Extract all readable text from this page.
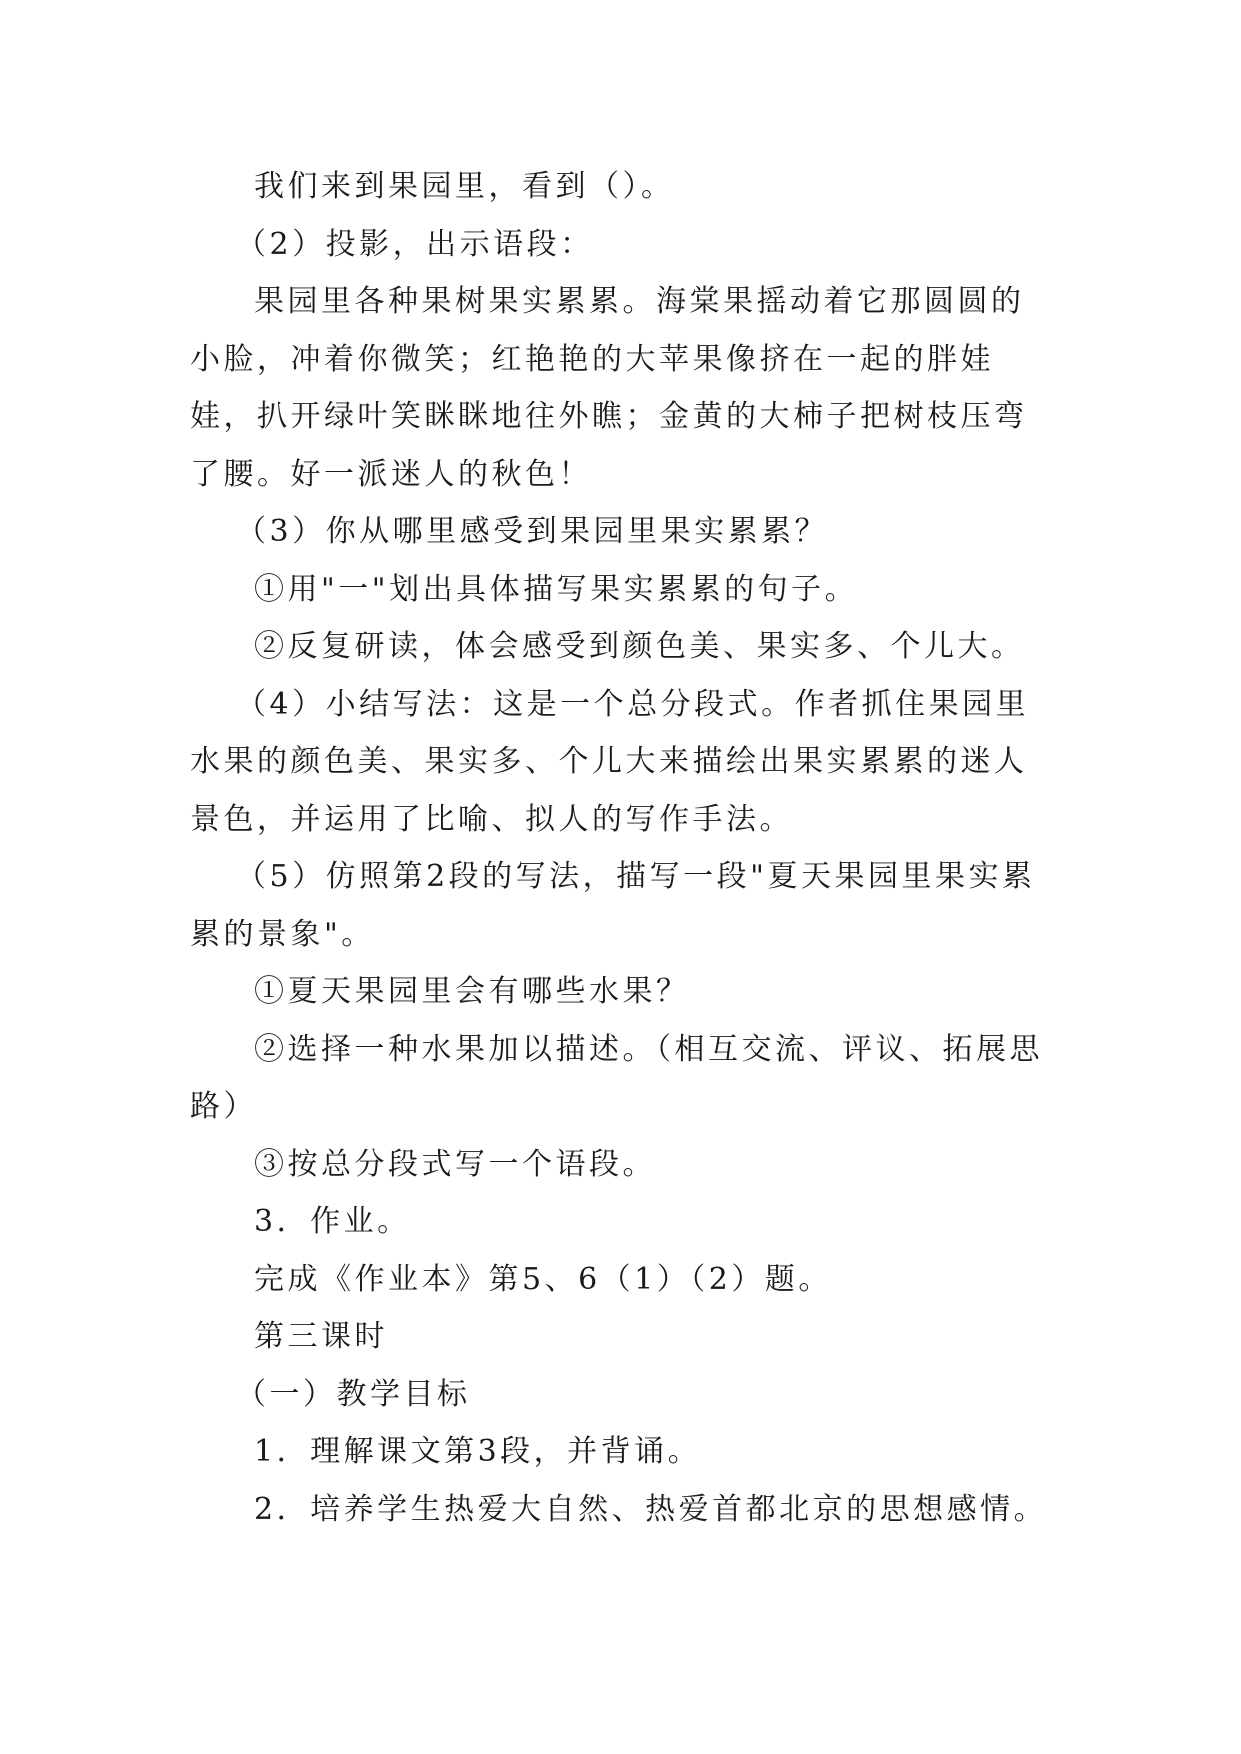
我们来到果园里，看到（）。

（2）投影，出示语段：

果园里各种果树果实累累。海棠果摇动着它那圆圆的小脸，冲着你微笑；红艳艳的大苹果像挤在一起的胖娃娃，扒开绿叶笑眯眯地往外瞧；金黄的大柿子把树枝压弯了腰。好一派迷人的秋色！

（3）你从哪里感受到果园里果实累累？

①用"一"划出具体描写果实累累的句子。

②反复研读，体会感受到颜色美、果实多、个儿大。

（4）小结写法：这是一个总分段式。作者抓住果园里水果的颜色美、果实多、个儿大来描绘出果实累累的迷人景色，并运用了比喻、拟人的写作手法。

（5）仿照第2段的写法，描写一段"夏天果园里果实累累的景象"。

①夏天果园里会有哪些水果？

②选择一种水果加以描述。（相互交流、评议、拓展思路）

③按总分段式写一个语段。

3．作业。

完成《作业本》第5、6（1）（2）题。

第三课时

（一）教学目标

1．理解课文第3段，并背诵。

2．培养学生热爱大自然、热爱首都北京的思想感情。
